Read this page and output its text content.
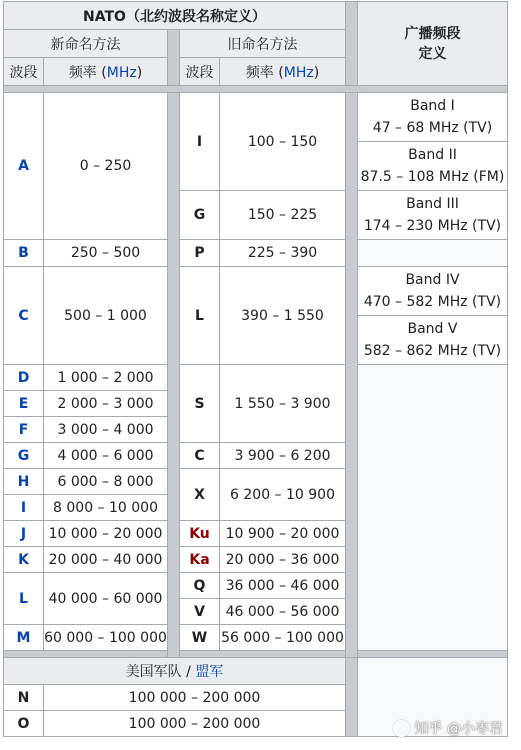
NATO（北约波段名称定义）						广播频段
定义

新命名方法			旧命名方法			
波段	频率 (MHz)		波段	频率 (MHz)		

A	0 – 250		I	100 – 150		Band I
47 – 68 MHz (TV)
						Band II
87.5 – 108 MHz (FM)
			G	150 – 225		Band III
174 – 230 MHz (TV)
B	250 – 500		P	225 – 390		
C	500 – 1 000		L	390 – 1 550		Band IV
470 – 582 MHz (TV)
						Band V
582 – 862 MHz (TV)
D	1 000 – 2 000		S	1 550 – 3 900		
E	2 000 – 3 000					
F	3 000 – 4 000					
G	4 000 – 6 000		C	3 900 – 6 200		
H	6 000 – 8 000		X	6 200 – 10 900		
I	8 000 – 10 000					
J	10 000 – 20 000		Ku	10 900 – 20 000		
K	20 000 – 40 000		Ka	20 000 – 36 000		
L	40 000 – 60 000		Q	36 000 – 46 000		
			V	46 000 – 56 000		
M	60 000 – 100 000		W	56 000 – 100 000		

美国军队 / 盟军						
N	100 000 – 200 000					
O	100 000 – 200 000						知乎 @小枣君
